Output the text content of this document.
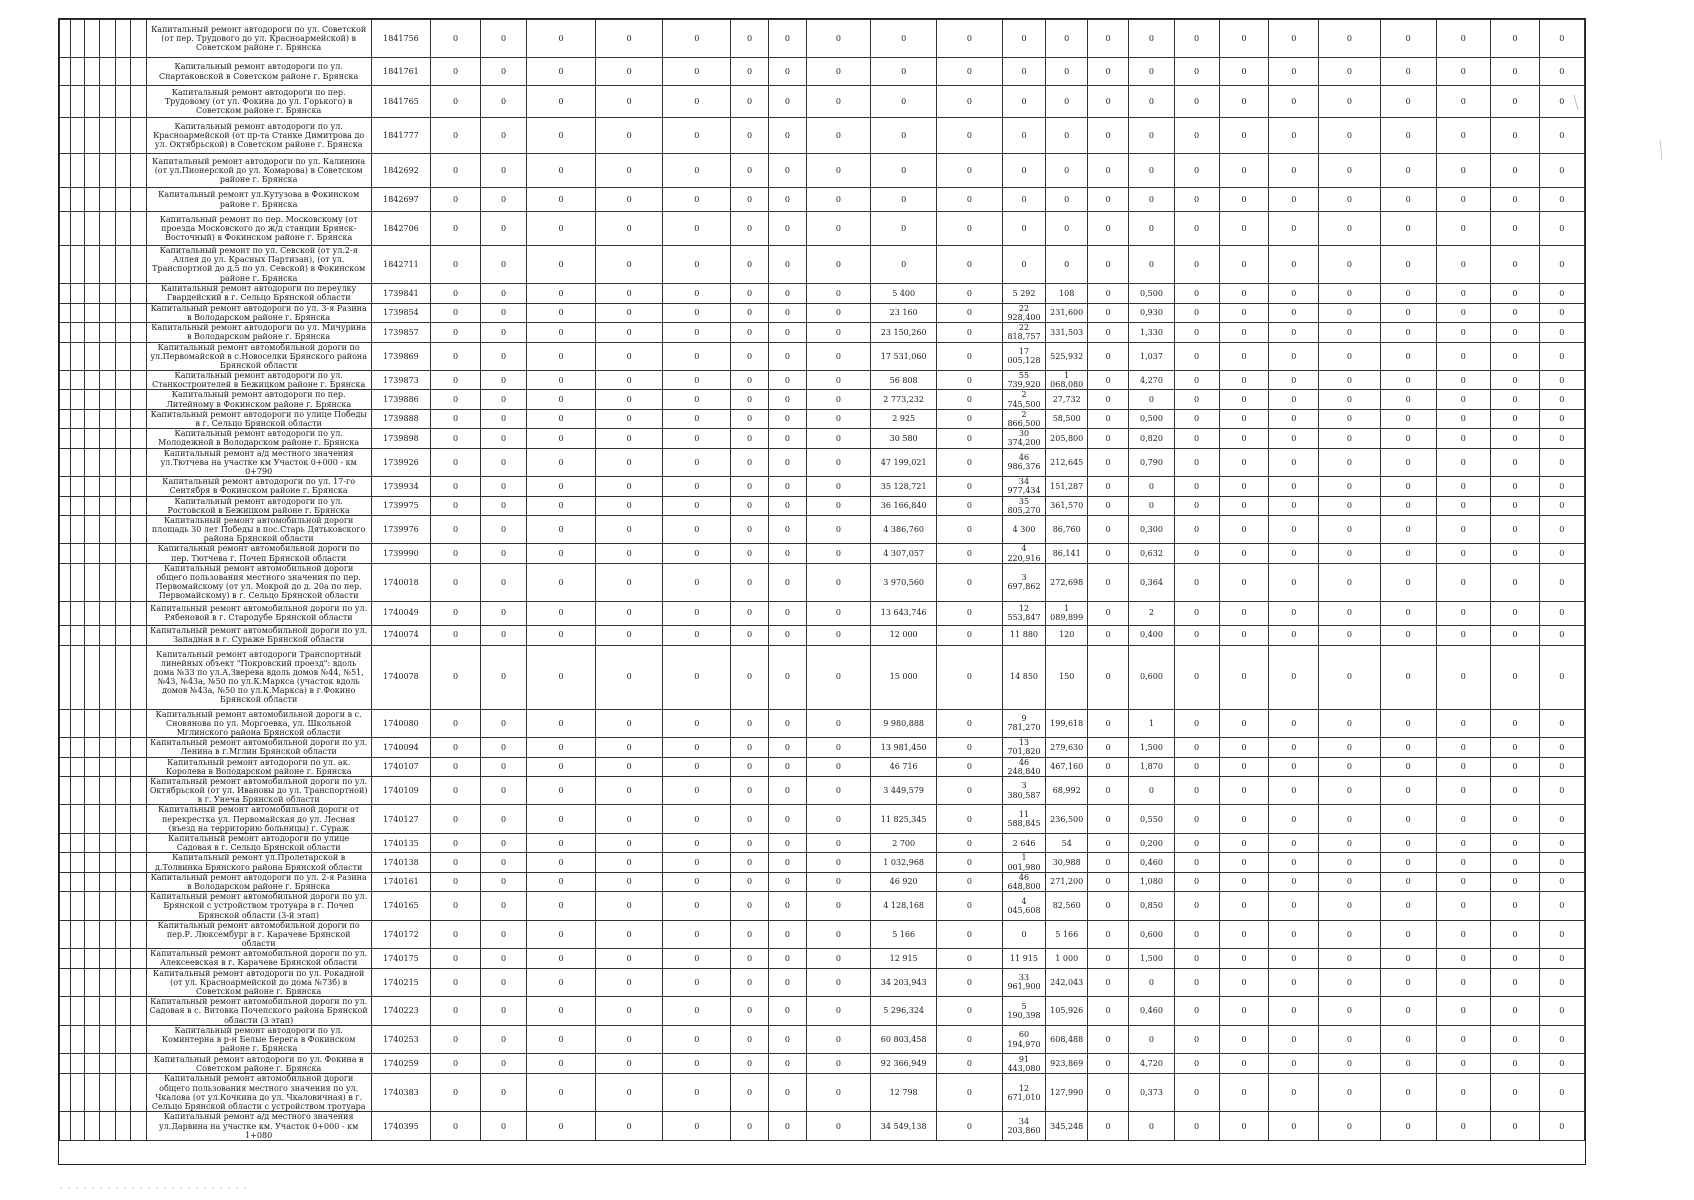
						Капитальный ремонт автодороги по ул. Советской (от пер. Трудового до ул. Красноармейской) в Советском районе г. Брянска	1841756	0	0	0	0	0	0	0	0	0	0	0	0	0	0	0	0	0	0	0	0	0	0
						Капитальный ремонт автодороги по ул. Спартаковской в Советском районе г. Брянска	1841761	0	0	0	0	0	0	0	0	0	0	0	0	0	0	0	0	0	0	0	0	0	0
						Капитальный ремонт автодороги по пер. Трудовому (от ул. Фокина до ул. Горького) в Советском районе г. Брянска	1841765	0	0	0	0	0	0	0	0	0	0	0	0	0	0	0	0	0	0	0	0	0	0
						Капитальный ремонт автодороги по ул. Красноармейской (от пр-та Станке Димитрова до ул. Октябрьской) в Советском районе г. Брянска	1841777	0	0	0	0	0	0	0	0	0	0	0	0	0	0	0	0	0	0	0	0	0	0
						Капитальный ремонт автодороги по ул. Калинина (от ул.Пионерской до ул. Комарова) в Советском районе г. Брянска	1842692	0	0	0	0	0	0	0	0	0	0	0	0	0	0	0	0	0	0	0	0	0	0
						Капитальный ремонт ул.Кутузова в Фокинском районе г. Брянска	1842697	0	0	0	0	0	0	0	0	0	0	0	0	0	0	0	0	0	0	0	0	0	0
						Капитальный ремонт по пер. Московскому (от проезда Московского до ж/д станции Брянск-Восточный) в Фокинском районе г. Брянска	1842706	0	0	0	0	0	0	0	0	0	0	0	0	0	0	0	0	0	0	0	0	0	0
						Капитальный ремонт по ул. Севской (от ул.2-я Аллея до ул. Красных Партизан), (от ул. Транспортной до д.5 по ул. Севской) в Фокинском районе г. Брянска	1842711	0	0	0	0	0	0	0	0	0	0	0	0	0	0	0	0	0	0	0	0	0	0
						Капитальный ремонт автодороги по переулку Гвардейский в г. Сельцо Брянской области	1739841	0	0	0	0	0	0	0	0	5 400	0	5 292	108	0	0,500	0	0	0	0	0	0	0	0
						Капитальный ремонт автодороги по ул. 3-я Разина в Володарском районе г. Брянска	1739854	0	0	0	0	0	0	0	0	23 160	0	22 928,400	231,600	0	0,930	0	0	0	0	0	0	0	0
						Капитальный ремонт автодороги по ул. Мичурина в Володарском районе г. Брянска	1739857	0	0	0	0	0	0	0	0	23 150,260	0	22 818,757	331,503	0	1,330	0	0	0	0	0	0	0	0
						Капитальный ремонт автомобильной дороги по ул.Первомайской в с.Новоселки Брянского района Брянской области	1739869	0	0	0	0	0	0	0	0	17 531,060	0	17 005,128	525,932	0	1,037	0	0	0	0	0	0	0	0
						Капитальный ремонт автодороги по ул. Станкостроителей в Бежицком районе г. Брянска	1739873	0	0	0	0	0	0	0	0	56 808	0	55 739,920	1 068,080	0	4,270	0	0	0	0	0	0	0	0
						Капитальный ремонт автодороги по пер. Литейному в Фокинском районе г. Брянска	1739886	0	0	0	0	0	0	0	0	2 773,232	0	2 745,500	27,732	0	0	0	0	0	0	0	0	0	0
						Капитальный ремонт автодороги по улице Победы в г. Сельцо Брянской области	1739888	0	0	0	0	0	0	0	0	2 925	0	2 866,500	58,500	0	0,500	0	0	0	0	0	0	0	0
						Капитальный ремонт автодороги по ул. Молодежной в Володарском районе г. Брянска	1739898	0	0	0	0	0	0	0	0	30 580	0	30 374,200	205,800	0	0,820	0	0	0	0	0	0	0	0
						Капитальный ремонт а/д местного значения ул.Тютчева на участке км Участок 0+000 - км 0+790	1739926	0	0	0	0	0	0	0	0	47 199,021	0	46 986,376	212,645	0	0,790	0	0	0	0	0	0	0	0
						Капитальный ремонт автодороги по ул. 17-го Сентября в Фокинском районе г. Брянска	1739934	0	0	0	0	0	0	0	0	35 128,721	0	34 977,434	151,287	0	0	0	0	0	0	0	0	0	0
						Капитальный ремонт автодороги по ул. Ростовской в Бежицком районе г. Брянска	1739975	0	0	0	0	0	0	0	0	36 166,840	0	35 805,270	361,570	0	0	0	0	0	0	0	0	0	0
						Капитальный ремонт автомобильной дороги площадь 30 лет Победы в пос.Старь Дятьковского района Брянской области	1739976	0	0	0	0	0	0	0	0	4 386,760	0	4 300	86,760	0	0,300	0	0	0	0	0	0	0	0
						Капитальный ремонт автомобильной дороги по пер. Тютчева г. Почеп Брянской области	1739990	0	0	0	0	0	0	0	0	4 307,057	0	4 220,916	86,141	0	0,632	0	0	0	0	0	0	0	0
						Капитальный ремонт автомобильной дороги общего пользования местного значения по пер. Первомайскому (от ул. Мокрой до д. 20а по пер. Первомайскому) в г. Сельцо Брянской области	1740018	0	0	0	0	0	0	0	0	3 970,560	0	3 697,862	272,698	0	0,364	0	0	0	0	0	0	0	0
						Капитальный ремонт автомобильной дороги по ул. Рябеновой в г. Стародубе Брянской области	1740049	0	0	0	0	0	0	0	0	13 643,746	0	12 553,847	1 089,899	0	2	0	0	0	0	0	0	0	0
						Капитальный ремонт автомобильной дороги по ул. Западная в г. Сураже Брянской области	1740074	0	0	0	0	0	0	0	0	12 000	0	11 880	120	0	0,400	0	0	0	0	0	0	0	0
						Капитальный ремонт автодороги Транспортный линейных объект "Покровский проезд": вдоль дома №33 по ул.А.Зверева вдоль домов №44, №51, №43, №43а, №50 по ул.К.Маркса (участок вдоль домов №43а, №50 по ул.К.Маркса) в г.Фокино Брянской области	1740078	0	0	0	0	0	0	0	0	15 000	0	14 850	150	0	0,600	0	0	0	0	0	0	0	0
						Капитальный ремонт автомобильной дороги в с. Сновянова по ул. Моргоевка, ул. Школьной Мглинского района Брянской области	1740080	0	0	0	0	0	0	0	0	9 980,888	0	9 781,270	199,618	0	1	0	0	0	0	0	0	0	0
						Капитальный ремонт автомобильной дороги по ул. Ленина в г.Мглин Брянской области	1740094	0	0	0	0	0	0	0	0	13 981,450	0	13 701,820	279,630	0	1,500	0	0	0	0	0	0	0	0
						Капитальный ремонт автодороги по ул. ак. Королева в Володарском районе г. Брянска	1740107	0	0	0	0	0	0	0	0	46 716	0	46 248,840	467,160	0	1,870	0	0	0	0	0	0	0	0
						Капитальный ремонт автомобильной дороги по ул. Октябрьской (от ул. Ивановы до ул. Транспортной) в г. Унеча Брянской области	1740109	0	0	0	0	0	0	0	0	3 449,579	0	3 380,587	68,992	0	0	0	0	0	0	0	0	0	0
						Капитальный ремонт автомобильной дороги от перекрестка ул. Первомайская до ул. Лесная (въезд на территорию больницы) г. Сураж	1740127	0	0	0	0	0	0	0	0	11 825,345	0	11 588,845	236,500	0	0,550	0	0	0	0	0	0	0	0
						Капитальный ремонт автодороги по улице Садовая в г. Сельцо Брянской области	1740135	0	0	0	0	0	0	0	0	2 700	0	2 646	54	0	0,200	0	0	0	0	0	0	0	0
						Капитальный ремонт ул.Пролетарской в д.Толвинка Брянского района Брянской области	1740138	0	0	0	0	0	0	0	0	1 032,968	0	1 001,980	30,988	0	0,460	0	0	0	0	0	0	0	0
						Капитальный ремонт автодороги по ул. 2-я Разина в Володарском районе г. Брянска	1740161	0	0	0	0	0	0	0	0	46 920	0	46 648,800	271,200	0	1,080	0	0	0	0	0	0	0	0
						Капитальный ремонт автомобильной дороги по ул. Брянской с устройством тротуара в г. Почеп Брянской области (3-й этап)	1740165	0	0	0	0	0	0	0	0	4 128,168	0	4 045,608	82,560	0	0,850	0	0	0	0	0	0	0	0
						Капитальный ремонт автомобильной дороги по пер.Р. Люксембург в г. Карачеве Брянской области	1740172	0	0	0	0	0	0	0	0	5 166	0	0	5 166	0	0,600	0	0	0	0	0	0	0	0
						Капитальный ремонт автомобильной дороги по ул. Алексеевская в г. Карачеве Брянской области	1740175	0	0	0	0	0	0	0	0	12 915	0	11 915	1 000	0	1,500	0	0	0	0	0	0	0	0
						Капитальный ремонт автодороги по ул. Рокадной (от ул. Красноармейской до дома №73б) в Советском районе г. Брянска	1740215	0	0	0	0	0	0	0	0	34 203,943	0	33 961,900	242,043	0	0	0	0	0	0	0	0	0	0
						Капитальный ремонт автомобильной дороги по ул. Садовая в с. Витовка Почепского района Брянской области (3 этап)	1740223	0	0	0	0	0	0	0	0	5 296,324	0	5 190,398	105,926	0	0,460	0	0	0	0	0	0	0	0
						Капитальный ремонт автодороги по ул. Коминтерна в р-н Белые Берега в Фокинском районе г. Брянска	1740253	0	0	0	0	0	0	0	0	60 803,458	0	60 194,970	608,488	0	0	0	0	0	0	0	0	0	0
						Капитальный ремонт автодороги по ул. Фокина в Советском районе г. Брянска	1740259	0	0	0	0	0	0	0	0	92 366,949	0	91 443,080	923,869	0	4,720	0	0	0	0	0	0	0	0
						Капитальный ремонт автомобильной дороги общего пользования местного значения по ул. Чкалова (от ул.Кочкина до ул. Чкаловичная) в г. Сельцо Брянской области с устройством тротуара	1740383	0	0	0	0	0	0	0	0	12 798	0	12 671,010	127,990	0	0,373	0	0	0	0	0	0	0	0
						Капитальный ремонт а/д местного значения ул.Дарвина на участке км. Участок 0+000 - км 1+080	1740395	0	0	0	0	0	0	0	0	34 549,138	0	34 203,860	345,248	0	0	0	0	0	0	0	0	0	0
